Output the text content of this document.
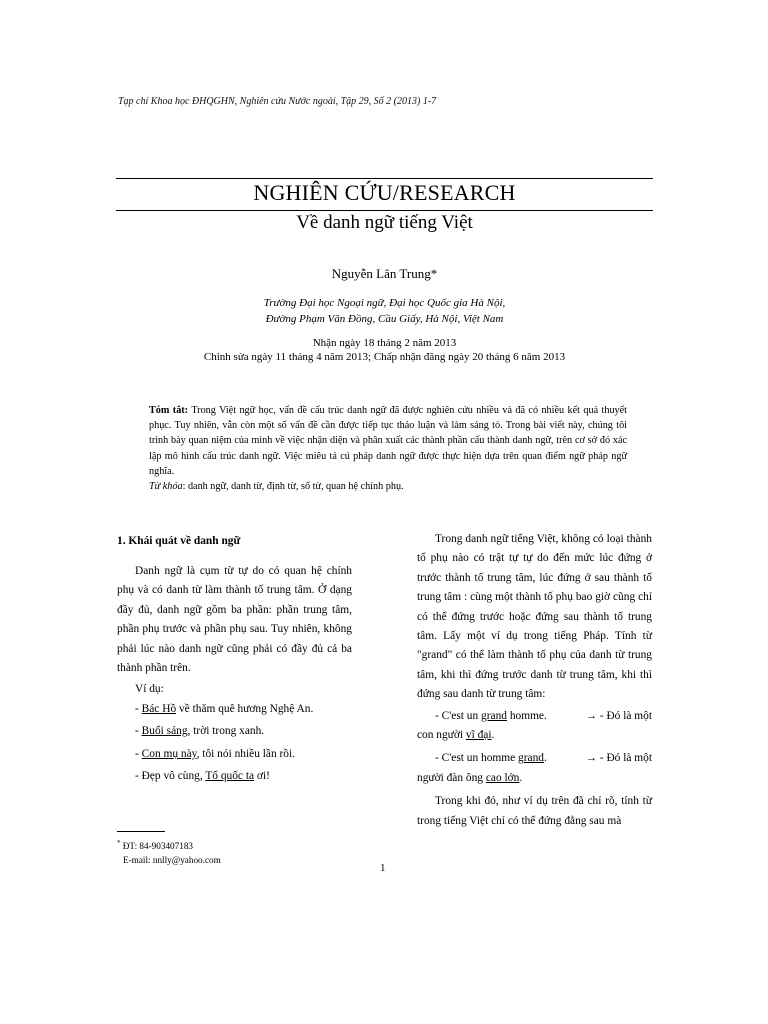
Tạp chí Khoa học ĐHQGHN, Nghiên cứu Nước ngoài, Tập 29, Số 2 (2013) 1-7
NGHIÊN CỨU/RESEARCH
Về danh ngữ tiếng Việt
Nguyễn Lân Trung*
Trường Đại học Ngoại ngữ, Đại học Quốc gia Hà Nội,
Đường Phạm Văn Đồng, Cầu Giấy, Hà Nội, Việt Nam
Nhận ngày 18 tháng 2 năm 2013
Chỉnh sửa ngày 11 tháng 4 năm 2013; Chấp nhận đăng ngày 20 tháng 6 năm 2013
Tóm tắt: Trong Việt ngữ học, vấn đề cấu trúc danh ngữ đã được nghiên cứu nhiều và đã có nhiều kết quả thuyết phục. Tuy nhiên, vẫn còn một số vấn đề cần được tiếp tục thảo luận và làm sáng tỏ. Trong bài viết này, chúng tôi trình bày quan niệm của mình về việc nhận diện và phân xuất các thành phần cấu thành danh ngữ, trên cơ sở đó xác lập mô hình cấu trúc danh ngữ. Việc miêu tả cú pháp danh ngữ được thực hiện dựa trên quan điểm ngữ pháp ngữ nghĩa.
Từ khóa: danh ngữ, danh từ, định từ, số từ, quan hệ chính phụ.
1. Khái quát về danh ngữ

Danh ngữ là cụm từ tự do có quan hệ chính phụ và có danh từ làm thành tố trung tâm. Ở dạng đầy đủ, danh ngữ gồm ba phần: phần trung tâm, phần phụ trước và phần phụ sau. Tuy nhiên, không phải lúc nào danh ngữ cũng phải có đầy đủ cả ba thành phần trên.

Ví dụ:
- Bác Hồ về thăm quê hương Nghệ An.
- Buổi sáng, trời trong xanh.
- Con mụ này, tôi nói nhiều lần rồi.
- Đẹp vô cùng, Tổ quốc ta ơi!

Trong danh ngữ tiếng Việt, không có loại thành tố phụ nào có trật tự tự do đến mức lúc đứng ở trước thành tố trung tâm, lúc đứng ở sau thành tố trung tâm : cùng một thành tố phụ bao giờ cũng chỉ có thể đứng trước hoặc đứng sau thành tố trung tâm. Lấy một ví dụ trong tiếng Pháp. Tính từ "grand" có thể làm thành tố phụ của danh từ trung tâm, khi thì đứng trước danh từ trung tâm, khi thì đứng sau danh từ trung tâm:

- C'est un grand homme.	→ - Đó là một
con người vĩ đại.
- C'est un homme grand.	→ - Đó là một
người đàn ông cao lớn.

Trong khi đó, như ví dụ trên đã chỉ rõ, tính từ trong tiếng Việt chỉ có thể đứng đằng sau mà

* ĐT: 84-903407183
E-mail: nnlly@yahoo.com
1
